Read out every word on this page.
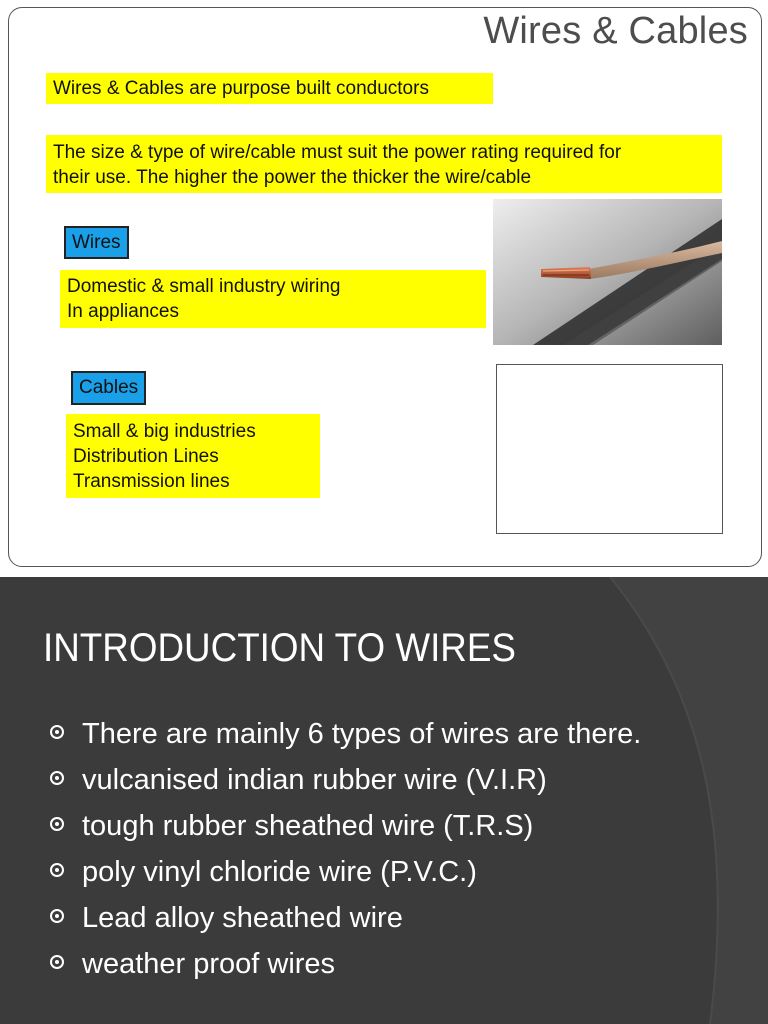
Wires & Cables
Wires & Cables are purpose built conductors
The size & type of wire/cable must suit the power rating required for
their use. The higher the power the thicker the wire/cable
Wires
Domestic & small industry wiring
In appliances
Cables
Small & big industries
Distribution Lines
Transmission lines
INTRODUCTION TO WIRES
There are mainly 6 types of wires are there.
vulcanised indian rubber wire (V.I.R)
tough rubber sheathed wire (T.R.S)
poly vinyl chloride wire (P.V.C.)
Lead alloy sheathed wire
weather proof wires
